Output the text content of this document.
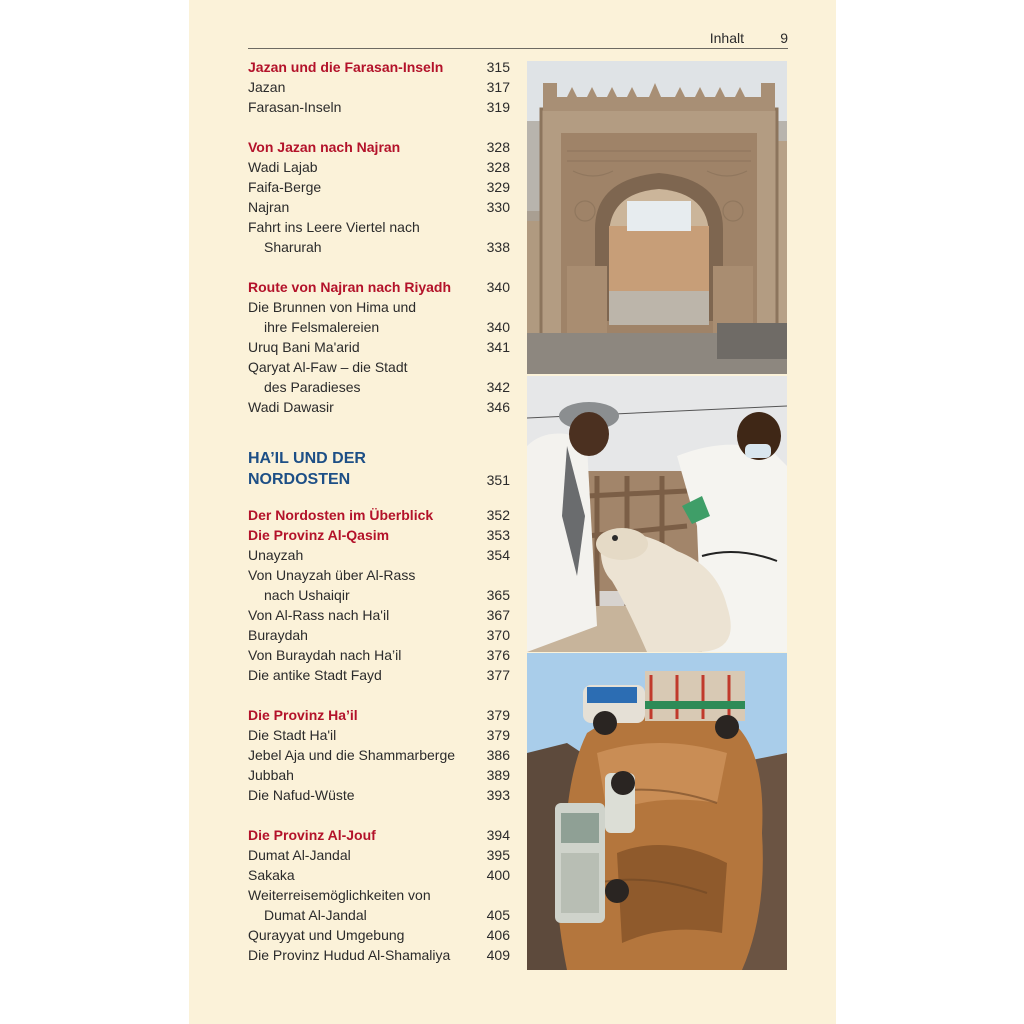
Inhalt	9
Jazan und die Farasan-Inseln	315
Jazan	317
Farasan-Inseln	319
Von Jazan nach Najran	328
Wadi Lajab	328
Faifa-Berge	329
Najran	330
Fahrt ins Leere Viertel nach
Sharurah	338
Route von Najran nach Riyadh	340
Die Brunnen von Hima und
ihre Felsmalereien	340
Uruq Bani Ma'arid	341
Qaryat Al-Faw – die Stadt
des Paradieses	342
Wadi Dawasir	346
HA’IL UND DER
NORDOSTEN	351
Der Nordosten im Überblick	352
Die Provinz Al-Qasim	353
Unayzah	354
Von Unayzah über Al-Rass
nach Ushaiqir	365
Von Al-Rass nach Ha'il	367
Buraydah	370
Von Buraydah nach Ha’il	376
Die antike Stadt Fayd	377
Die Provinz Ha’il	379
Die Stadt Ha'il	379
Jebel Aja und die Shammarberge 386
Jubbah	389
Die Nafud-Wüste	393
Die Provinz Al-Jouf	394
Dumat Al-Jandal	395
Sakaka	400
Weiterreisemöglichkeiten von
Dumat Al-Jandal	405
Qurayyat und Umgebung	406
Die Provinz Hudud Al-Shamaliya	409
